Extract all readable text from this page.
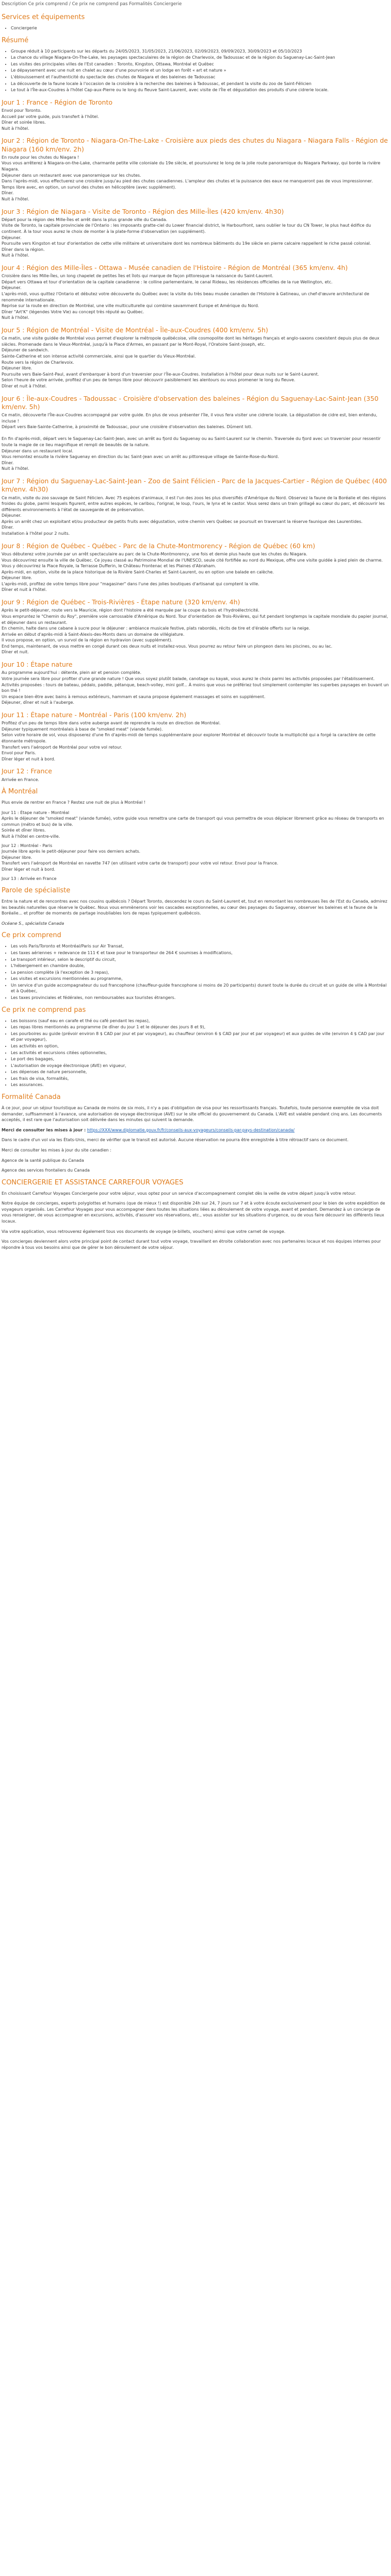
Description Ce prix comprend / Ce prix ne comprend pas Formalités Conciergerie
Services et équipements
• Conciergerie
Résumé
• Groupe réduit à 10 participants sur les départs du 24/05/2023, 31/05/2023, 21/06/2023, 02/09/2023, 09/09/2023, 30/09/2023 et 05/10/2023
• La chance du village Niagara-On-The-Lake, les paysages spectaculaires de la région de Charlevoix, de Tadoussac et de la région du Saguenay-Lac-Saint-Jean
• Les visites des principales villes de l'Est canadien : Toronto, Kingston, Ottawa, Montréal et Québec
• Le dépaysement avec une nuit en chalet au cœur d'une pourvoirie et un lodge en forêt « art et nature »
• L'éblouissement et l'authenticité du spectacle des chutes de Niagara et des baleines de Tadoussac
• La découverte de la faune locale à l'occasion de la croisière à la recherche des baleines à Tadoussac, et pendant la visite du zoo de Saint-Félicien
• Le tout à l'Île-aux-Coudres à l'hôtel Cap-aux-Pierre ou le long du fleuve Saint-Laurent, avec visite de l'Île et dégustation des produits d'une cidrerie locale.
Jour 1 : France - Région de Toronto

Envol pour Toronto.
Accueil par votre guide, puis transfert à l'hôtel.
Dîner et soirée libres.
Nuit à l'hôtel.

Jour 2 : Région de Toronto - Niagara-On-The-Lake - Croisière aux pieds des chutes du Niagara - Niagara Falls - Région de Niagara (160 km/env. 2h)

En route pour les chutes du Niagara !
Vous vous arrêterez à Niagara-on-the-Lake, charmante petite ville coloniale du 19e siècle, et poursuivrez le long de la jolie route panoramique du Niagara Parkway, qui borde la rivière Niagara.
Déjeuner dans un restaurant avec vue panoramique sur les chutes.
Dans l'après-midi, vous effectuerez une croisière jusqu'au pied des chutes canadiennes. L'ampleur des chutes et la puissance des eaux ne manqueront pas de vous impressionner.
Temps libre avec, en option, un survol des chutes en hélicoptère (avec supplément).
Dîner.
Nuit à l'hôtel.

Jour 3 : Région de Niagara - Visite de Toronto - Région des Mille-Îles (420 km/env. 4h30)

Départ pour la région des Mille-Îles et arrêt dans la plus grande ville du Canada.
Visite de Toronto, la capitale provinciale de l'Ontario : les imposants gratte-ciel du Lower financial district, le Harbourfront, sans oublier le tour du CN Tower, le plus haut édifice du continent. À la tour vous aurez le choix de monter à la plate-forme d'observation (en supplément).
Déjeuner.
Poursuite vers Kingston et tour d'orientation de cette ville militaire et universitaire dont les nombreux bâtiments du 19e siècle en pierre calcaire rappellent le riche passé colonial.
Dîner dans la région.
Nuit à l'hôtel.

Jour 4 : Région des Mille-Îles - Ottawa - Musée canadien de l'Histoire - Région de Montréal (365 km/env. 4h)

Croisière dans les Mille-Îles, un long chapelet de petites îles et îlots qui marque de façon pittoresque la naissance du Saint-Laurent.
Départ vers Ottawa et tour d'orientation de la capitale canadienne : le colline parlementaire, le canal Rideau, les résidences officielles de la rue Wellington, etc.
Déjeuner.
L'après-midi, vous quittez l'Ontario et débutez votre découverte du Québec avec la visite du très beau musée canadien de l'Histoire à Gatineau, un chef-d'œuvre architectural de renommée internationale.
Reprise sur la route en direction de Montréal, une ville multiculturelle qui combine savamment Europe et Amérique du Nord.
Dîner "Art'K" (légendes Votre Vie) au concept très réputé au Québec.
Nuit à l'hôtel.

Jour 5 : Région de Montréal - Visite de Montréal - Île-aux-Coudres (400 km/env. 5h)

Ce matin, une visite guidée de Montréal vous permet d'explorer la métropole québécoise, ville cosmopolite dont les héritages français et anglo-saxons coexistent depuis plus de deux siècles. Promenade dans le Vieux-Montréal, jusqu'à la Place d'Armes, en passant par le Mont-Royal, l'Oratoire Saint-Joseph, etc.
Déjeuner de sandwich.
Sainte-Catherine et son intense activité commerciale, ainsi que le quartier du Vieux-Montréal.
Route vers la région de Charlevoix.
Déjeuner libre.
Poursuite vers Baie-Saint-Paul, avant d'embarquer à bord d'un traversier pour l'Île-aux-Coudres. Installation à l'hôtel pour deux nuits sur le Saint-Laurent.
Selon l'heure de votre arrivée, profitez d'un peu de temps libre pour découvrir paisiblement les alentours ou vous promener le long du fleuve.
Dîner et nuit à l'hôtel.

Jour 6 : Île-aux-Coudres - Tadoussac - Croisière d'observation des baleines - Région du Saguenay-Lac-Saint-Jean (350 km/env. 5h)

Ce matin, découverte l'Île-aux-Coudres accompagné par votre guide. En plus de vous présenter l'île, il vous fera visiter une cidrerie locale. La dégustation de cidre est, bien entendu, incluse !
Départ vers Baie-Sainte-Catherine, à proximité de Tadoussac, pour une croisière d'observation des baleines. Dûment loti.

En fin d'après-midi, départ vers le Saguenay-Lac-Saint-Jean, avec un arrêt au fjord du Saguenay ou au Saint-Laurent sur le chemin. Traversée du fjord avec un traversier pour ressentir toute la magie de ce lieu magnifique et rempli de beautés de la nature.
Déjeuner dans un restaurant local.
Vous remontez ensuite la rivière Saguenay en direction du lac Saint-Jean avec un arrêt au pittoresque village de Sainte-Rose-du-Nord.
Dîner.
Nuit à l'hôtel.

Jour 7 : Région du Saguenay-Lac-Saint-Jean - Zoo de Saint Félicien - Parc de la Jacques-Cartier - Région de Québec (400 km/env. 4h30)

Ce matin, visite du zoo sauvage de Saint Félicien. Avec 75 espèces d'animaux, il est l'un des zoos les plus diversifiés d'Amérique du Nord. Observez la faune de la Boréalie et des régions froides du globe, parmi lesquels figurent, entre autres espèces, le caribou, l'orignal, le loup, l'ours, le lynx et le castor. Vous serez dans un train grillagé au cœur du parc, et découvrir les différents environnements à l'état de sauvegarde et de préservation.
Déjeuner.
Après un arrêt chez un exploitant et/ou producteur de petits fruits avec dégustation, votre chemin vers Québec se poursuit en traversant la réserve faunique des Laurentides.
Dîner.
Installation à l'hôtel pour 2 nuits.

Jour 8 : Région de Québec - Québec - Parc de la Chute-Montmorency - Région de Québec (60 km)

Vous débuterez votre journée par un arrêt spectaculaire au parc de la Chute-Montmorency, une fois et demie plus haute que les chutes du Niagara.
Vous découvrirez ensuite la ville de Québec. Ce joyau classé au Patrimoine Mondial de l'UNESCO, seule cité fortifiée au nord du Mexique, offre une visite guidée à pied plein de charme. Vous y découvrirez la Place Royale, la Terrasse Dufferin, le Château Frontenac et les Plaines d'Abraham.
Après-midi, en option, visite de la place historique de la Rivière Saint-Charles et Saint-Laurent, ou en option une balade en calèche.
Déjeuner libre.
L'après-midi, profitez de votre temps libre pour "magasiner" dans l'une des jolies boutiques d'artisanat qui comptent la ville.
Dîner et nuit à l'hôtel.

Jour 9 : Région de Québec - Trois-Rivières - Étape nature (320 km/env. 4h)

Après le petit-déjeuner, route vers la Mauricie, région dont l'histoire a été marquée par la coupe du bois et l'hydroélectricité.
Vous empruntez le "Chemin du Roy", première voie carrossable d'Amérique du Nord. Tour d'orientation de Trois-Rivières, qui fut pendant longtemps la capitale mondiale du papier journal, et déjeuner dans un restaurant.
En chemin, halte dans une cabane à sucre pour le déjeuner : ambiance musicale festive, plats rabordés, récits de tire et d'érable offerts sur la neige.
Arrivée en début d'après-midi à Saint-Alexis-des-Monts dans un domaine de villégiature.
Il vous propose, en option, un survol de la région en hydravion (avec supplément).
End temps, maintenant, de vous mettre en congé durant ces deux nuits et installez-vous. Vous pourrez au retour faire un plongeon dans les piscines, ou au lac.
Dîner et nuit.

Jour 10 : Étape nature

Au programme aujourd'hui : détente, plein air et pension complète.
Votre journée sera libre pour profiter d'une grande nature ! Que vous soyez plutôt balade, canotage ou kayak, vous aurez le choix parmi les activités proposées par l'établissement.
Activités proposées : tours de bateau, pédalo, paddle, pétanque, beach-volley, mini golf... À moins que vous ne préfériez tout simplement contempler les superbes paysages en buvant un bon thé !
Un espace bien-être avec bains à remous extérieurs, hammam et sauna propose également massages et soins en supplément.
Déjeuner, dîner et nuit à l'auberge.

Jour 11 : Étape nature - Montréal - Paris (100 km/env. 2h)

Profitez d'un peu de temps libre dans votre auberge avant de reprendre la route en direction de Montréal.
Déjeuner typiquement montréalais à base de "smoked meat" (viande fumée).
Selon votre horaire de vol, vous disposerez d'une fin d'après-midi de temps supplémentaire pour explorer Montréal et découvrir toute la multiplicité qui a forgé la caractère de cette étonnante métropole.
Transfert vers l'aéroport de Montréal pour votre vol retour.
Envol pour Paris.
Dîner léger et nuit à bord.

Jour 12 : France

Arrivée en France.

À Montréal

Plus envie de rentrer en France ? Restez une nuit de plus à Montréal !

Jour 11 : Étape nature - Montréal

Après le déjeuner de "smoked meat" (viande fumée), votre guide vous remettra une carte de transport qui vous permettra de vous déplacer librement grâce au réseau de transports en commun (métro et bus) de la ville.
Soirée et dîner libres.
Nuit à l'hôtel en centre-ville.

Jour 12 : Montréal - Paris

Journée libre après le petit-déjeuner pour faire vos derniers achats.
Déjeuner libre.
Transfert vers l'aéroport de Montréal en navette 747 (en utilisant votre carte de transport) pour votre vol retour. Envol pour la France.
Dîner léger et nuit à bord.

Jour 13 : Arrivée en France

Parole de spécialiste

Entre la nature et de rencontres avec nos cousins québécois ? Départ Toronto, descendez le cours du Saint-Laurent et, tout en remontant les nombreuses îles de l'Est du Canada, admirez les beautés naturelles que réserve le Québec. Nous vous emmènerons voir les cascades exceptionnelles, au cœur des paysages du Saguenay, observer les baleines et la faune de la Boréalie... et profiter de moments de partage inoubliables lors de repas typiquement québécois.

Océane S., spécialiste Canada

Ce prix comprend
• Les vols Paris/Toronto et Montréal/Paris sur Air Transat,
• Les taxes aériennes + redevance de 111 € et taxe pour le transporteur de 264 € soumises à modifications,
• Le transport intérieur, selon le descriptif du circuit,
• L'hébergement en chambre double,
• La pension complète (à l'exception de 3 repas),
• Les visites et excursions mentionnées au programme,
• Un service d'un guide accompagnateur du sud francophone (chauffeur-guide francophone si moins de 20 participants) durant toute la durée du circuit et un guide de ville à Montréal et à Québec,
• Les taxes provinciales et fédérales, non remboursables aux touristes étrangers.
Ce prix ne comprend pas
• Les boissons (sauf eau en carafe et thé ou café pendant les repas),
• Les repas libres mentionnés au programme (le dîner du jour 1 et le déjeuner des jours 8 et 9),
• Les pourboires au guide (prévoir environ 8 $ CAD par jour et par voyageur), au chauffeur (environ 6 $ CAD par jour et par voyageur) et aux guides de ville (environ 4 $ CAD par jour et par voyageur),
• Les activités en option,
• Les activités et excursions citées optionnelles,
• Le port des bagages,
• L'autorisation de voyage électronique (AVE) en vigueur,
• Les dépenses de nature personnelle,
• Les frais de visa, formalités,
• Les assurances.
Formalité Canada

À ce jour, pour un séjour touristique au Canada de moins de six mois, il n'y a pas d'obligation de visa pour les ressortissants français. Toutefois, toute personne exemptée de visa doit demander, suffisamment à l'avance, une autorisation de voyage électronique (AVE) sur le site officiel du gouvernement du Canada. L'AVE est valable pendant cinq ans. Les documents acceptés, il est rare que l'autorisation soit délivrée dans les minutes qui suivent la demande.

Merci de consulter les mises à jour : https://XXX/www.diplomatie.gouv.fr/fr/conseils-aux-voyageurs/conseils-par-pays-destination/canada/

Dans le cadre d'un vol via les États-Unis, merci de vérifier que le transit est autorisé. Aucune réservation ne pourra être enregistrée à titre rétroactif sans ce document.

Merci de consulter les mises à jour du site canadien :

Agence de la santé publique du Canada

Agence des services frontaliers du Canada

CONCIERGERIE ET ASSISTANCE CARREFOUR VOYAGES

En choisissant Carrefour Voyages Conciergerie pour votre séjour, vous optez pour un service d'accompagnement complet dès la veille de votre départ jusqu'à votre retour.

Notre équipe de concierges, experts polyglottes et humains (que de mieux !) est disponible 24h sur 24, 7 jours sur 7 et à votre écoute exclusivement pour le bien de votre expédition de voyageurs organisés. Les Carrefour Voyages pour vous accompagner dans toutes les situations liées au déroulement de votre voyage, avant et pendant. Demandez à un concierge de vous renseigner, de vous accompagner en excursions, activités, d'assurer vos réservations, etc., vous assister sur les situations d'urgence, ou de vous faire découvrir les différents lieux locaux.

Via votre application, vous retrouverez également tous vos documents de voyage (e-billets, vouchers) aimsi que votre carnet de voyage.

Vos concierges deviennent alors votre principal point de contact durant tout votre voyage, travaillant en étroite collaboration avec nos partenaires locaux et nos équipes internes pour répondre à tous vos besoins ainsi que de gérer le bon déroulement de votre séjour.
